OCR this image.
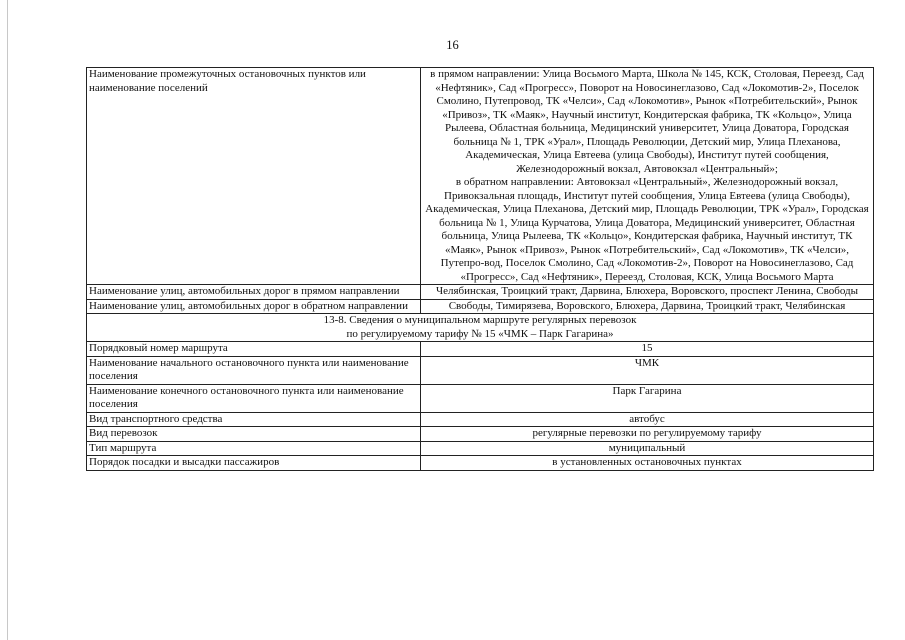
16
Наименование промежуточных остановочных пунктов или наименование поселений	в прямом направлении: Улица Восьмого Марта, Школа № 145, КСК, Столовая, Переезд, Сад «Нефтяник», Сад «Прогресс», Поворот на Новосинеглазово, Сад «Локомотив-2», Поселок Смолино, Путепровод, ТК «Челси», Сад «Локомотив», Рынок «Потребительский», Рынок «Привоз», ТК «Маяк», Научный институт, Кондитерская фабрика, ТК «Кольцо», Улица Рылеева, Областная больница, Медицинский университет, Улица Доватора, Городская больница № 1, ТРК «Урал», Площадь Революции, Детский мир, Улица Плеханова, Академическая, Улица Евтеева (улица Свободы), Институт путей сообщения, Железнодорожный вокзал, Автовокзал «Центральный»;
в обратном направлении: Автовокзал «Центральный», Железнодорожный вокзал, Привокзальная площадь, Институт путей сообщения, Улица Евтеева (улица Свободы), Академическая, Улица Плеханова, Детский мир, Площадь Революции, ТРК «Урал», Городская больница № 1, Улица Курчатова, Улица Доватора, Медицинский университет, Областная больница, Улица Рылеева, ТК «Кольцо», Кондитерская фабрика, Научный институт, ТК «Маяк», Рынок «Привоз», Рынок «Потребительский», Сад «Локомотив», ТК «Челси», Путепро-вод, Поселок Смолино, Сад «Локомотив-2», Поворот на Новосинеглазово, Сад «Прогресс», Сад «Нефтяник», Переезд, Столовая, КСК, Улица Восьмого Марта

Наименование улиц, автомобильных дорог в прямом направлении	Челябинская, Троицкий тракт, Дарвина, Блюхера, Воровского, проспект Ленина, Свободы
Наименование улиц, автомобильных дорог в обратном направлении	Свободы, Тимирязева, Воровского, Блюхера, Дарвина, Троицкий тракт, Челябинская

13-8. Сведения о муниципальном маршруте регулярных перевозок
по регулируемому тарифу № 15 «ЧМК – Парк Гагарина»	

Порядковый номер маршрута	15
Наименование начального остановочного пункта или наименование поселения	ЧМК
Наименование конечного остановочного пункта или наименование поселения	Парк Гагарина
Вид транспортного средства	автобус
Вид перевозок	регулярные перевозки по регулируемому тарифу
Тип маршрута	муниципальный
Порядок посадки и высадки пассажиров	в установленных остановочных пунктах
